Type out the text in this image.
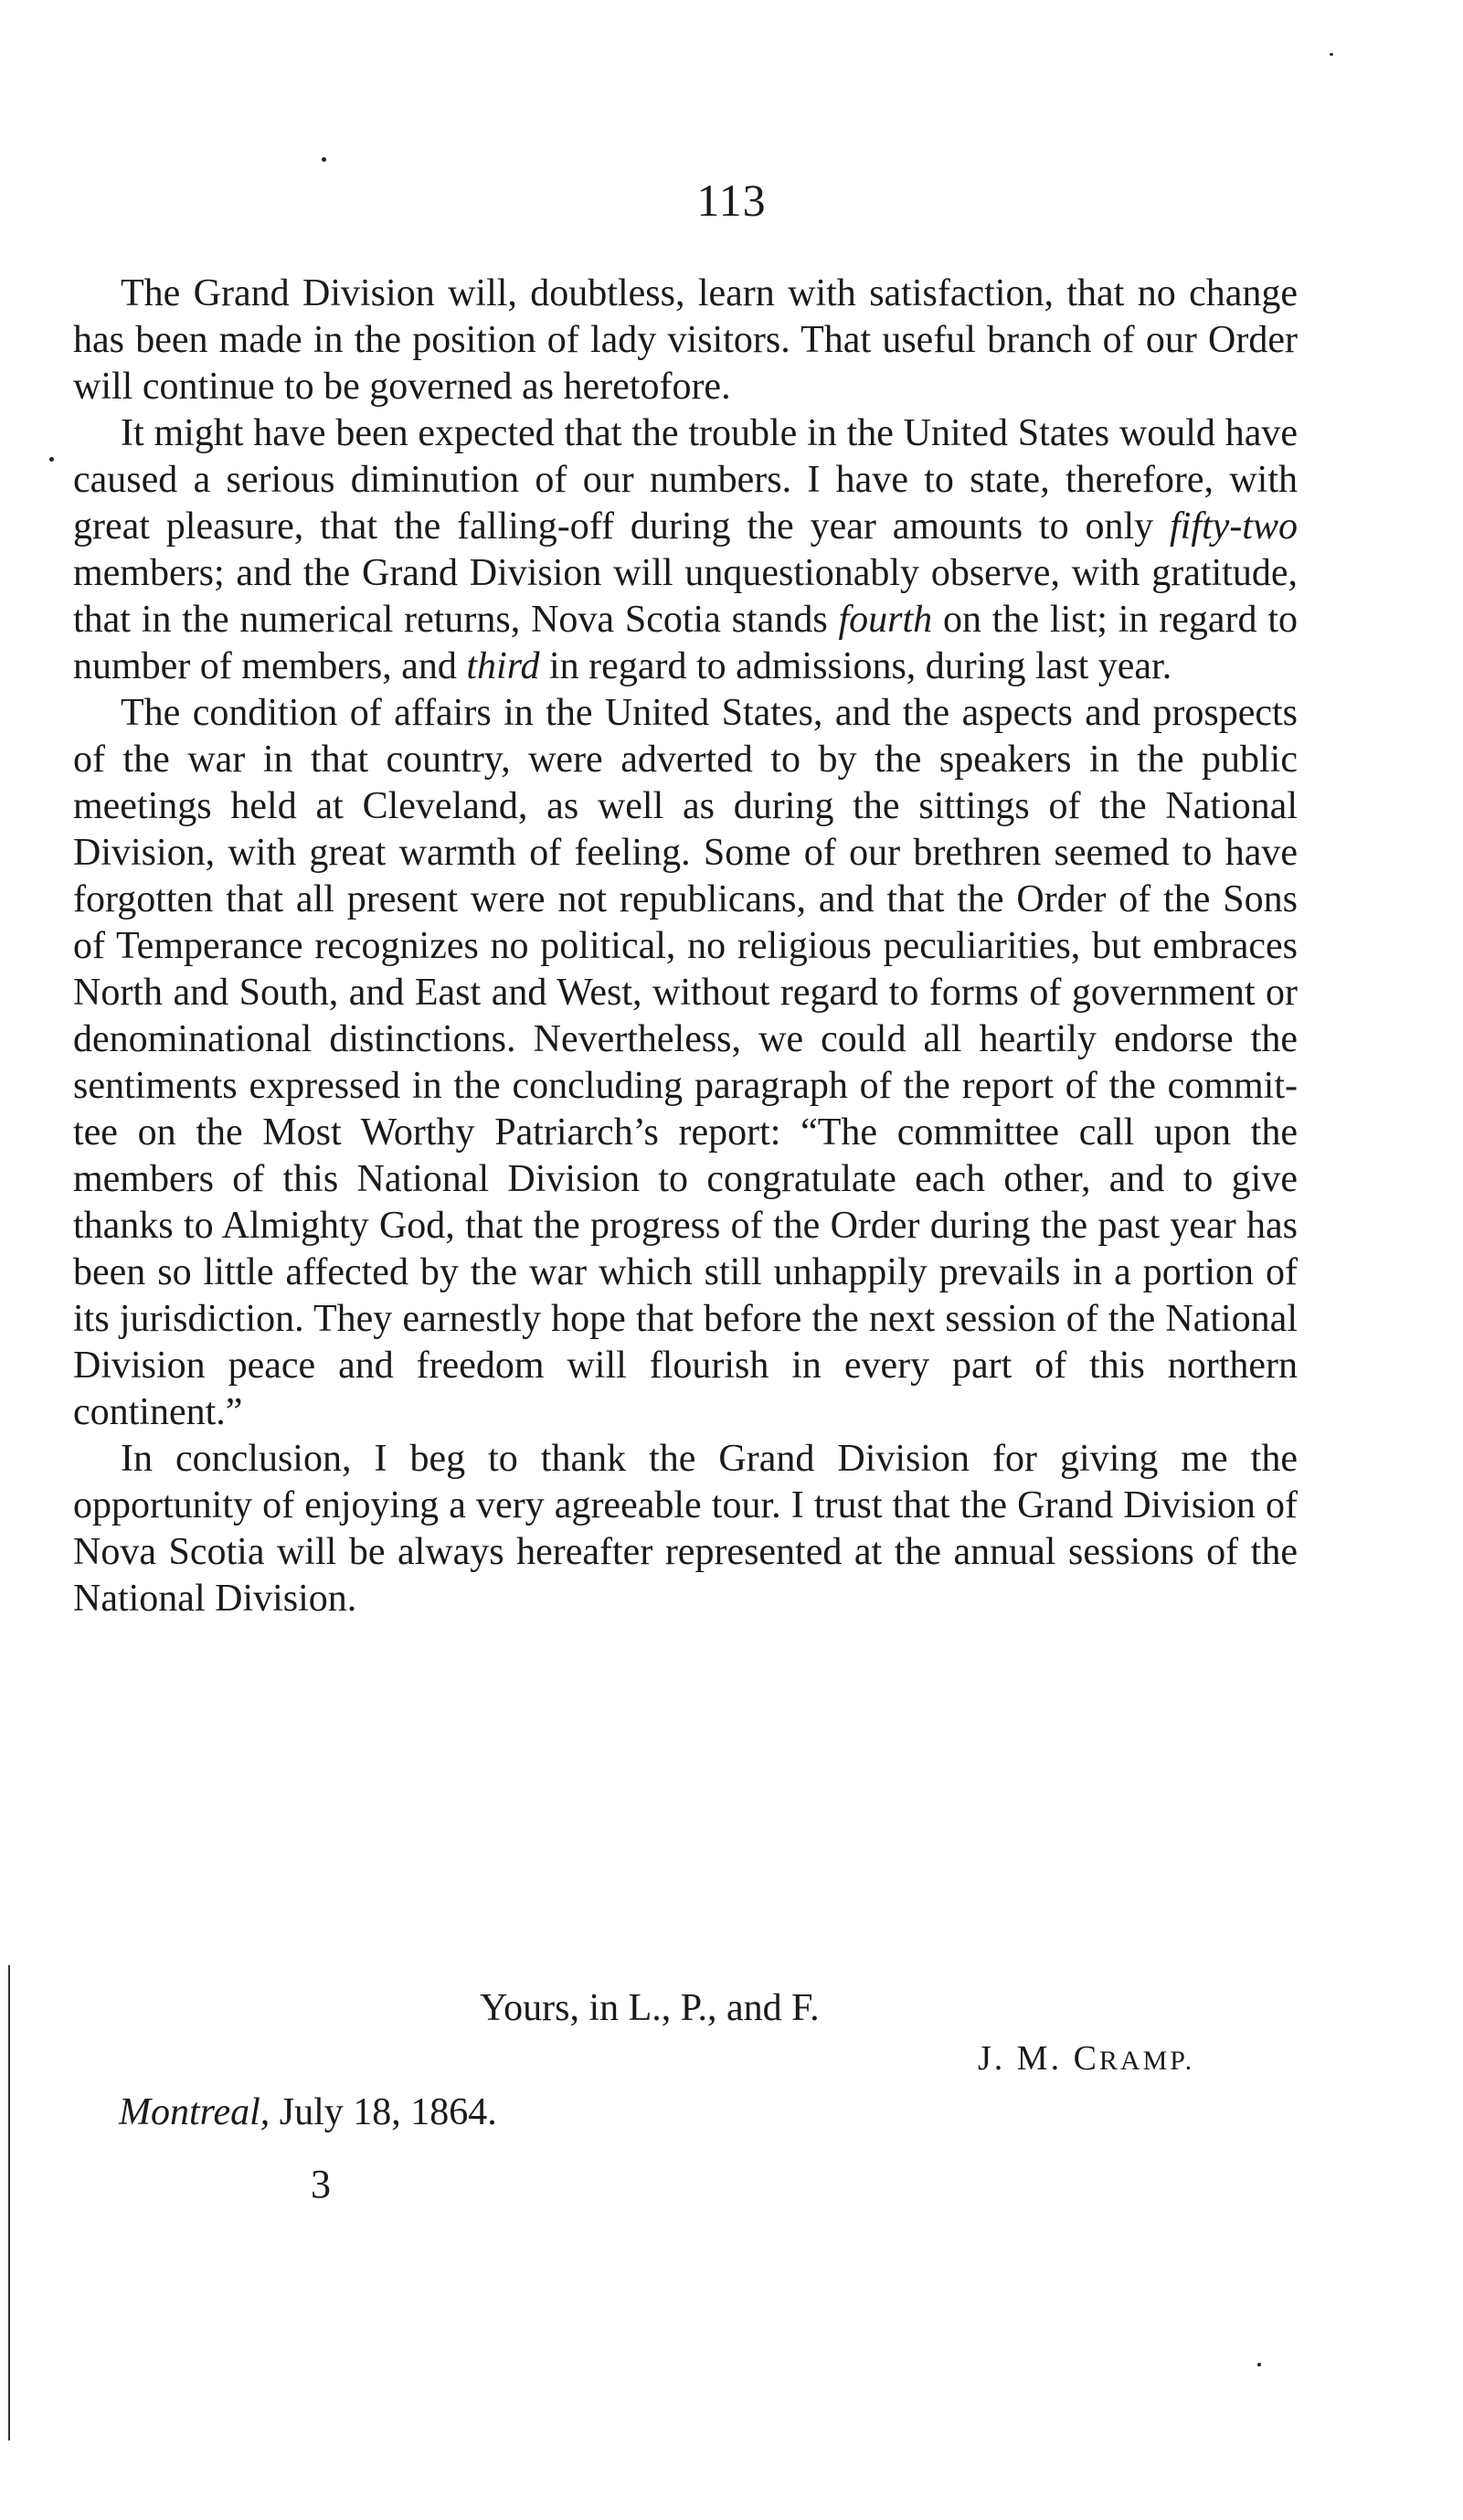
113

The Grand Division will, doubtless, learn with satisfaction, that no change has been made in the position of lady visitors. That useful branch of our Order will continue to be governed as heretofore.

It might have been expected that the trouble in the United States would have caused a serious diminution of our numbers. I have to state, therefore, with great pleasure, that the falling-off during the year amounts to only fifty-two members; and the Grand Division will unquestionably observe, with gratitude, that in the numerical returns, Nova Scotia stands fourth on the list; in regard to number of members, and third in regard to admissions, during last year.

The condition of affairs in the United States, and the aspects and prospects of the war in that country, were adverted to by the speakers in the public meetings held at Cleveland, as well as during the sittings of the National Division, with great warmth of feeling. Some of our brethren seemed to have forgotten that all present were not republicans, and that the Order of the Sons of Temperance recognizes no political, no religious peculiarities, but embraces North and South, and East and West, without regard to forms of government or denominational distinctions. Nevertheless, we could all heartily endorse the sentiments expressed in the concluding paragraph of the report of the committee on the Most Worthy Patriarch’s report: “The committee call upon the members of this National Division to congratulate each other, and to give thanks to Almighty God, that the progress of the Order during the past year has been so little affected by the war which still unhappily prevails in a portion of its jurisdiction. They earnestly hope that before the next session of the National Division peace and freedom will flourish in every part of this northern continent.”

In conclusion, I beg to thank the Grand Division for giving me the opportunity of enjoying a very agreeable tour. I trust that the Grand Division of Nova Scotia will be always hereafter represented at the annual sessions of the National Division.

Yours, in L., P., and F.
J. M. CRAMP.
Montreal, July 18, 1864.
3
